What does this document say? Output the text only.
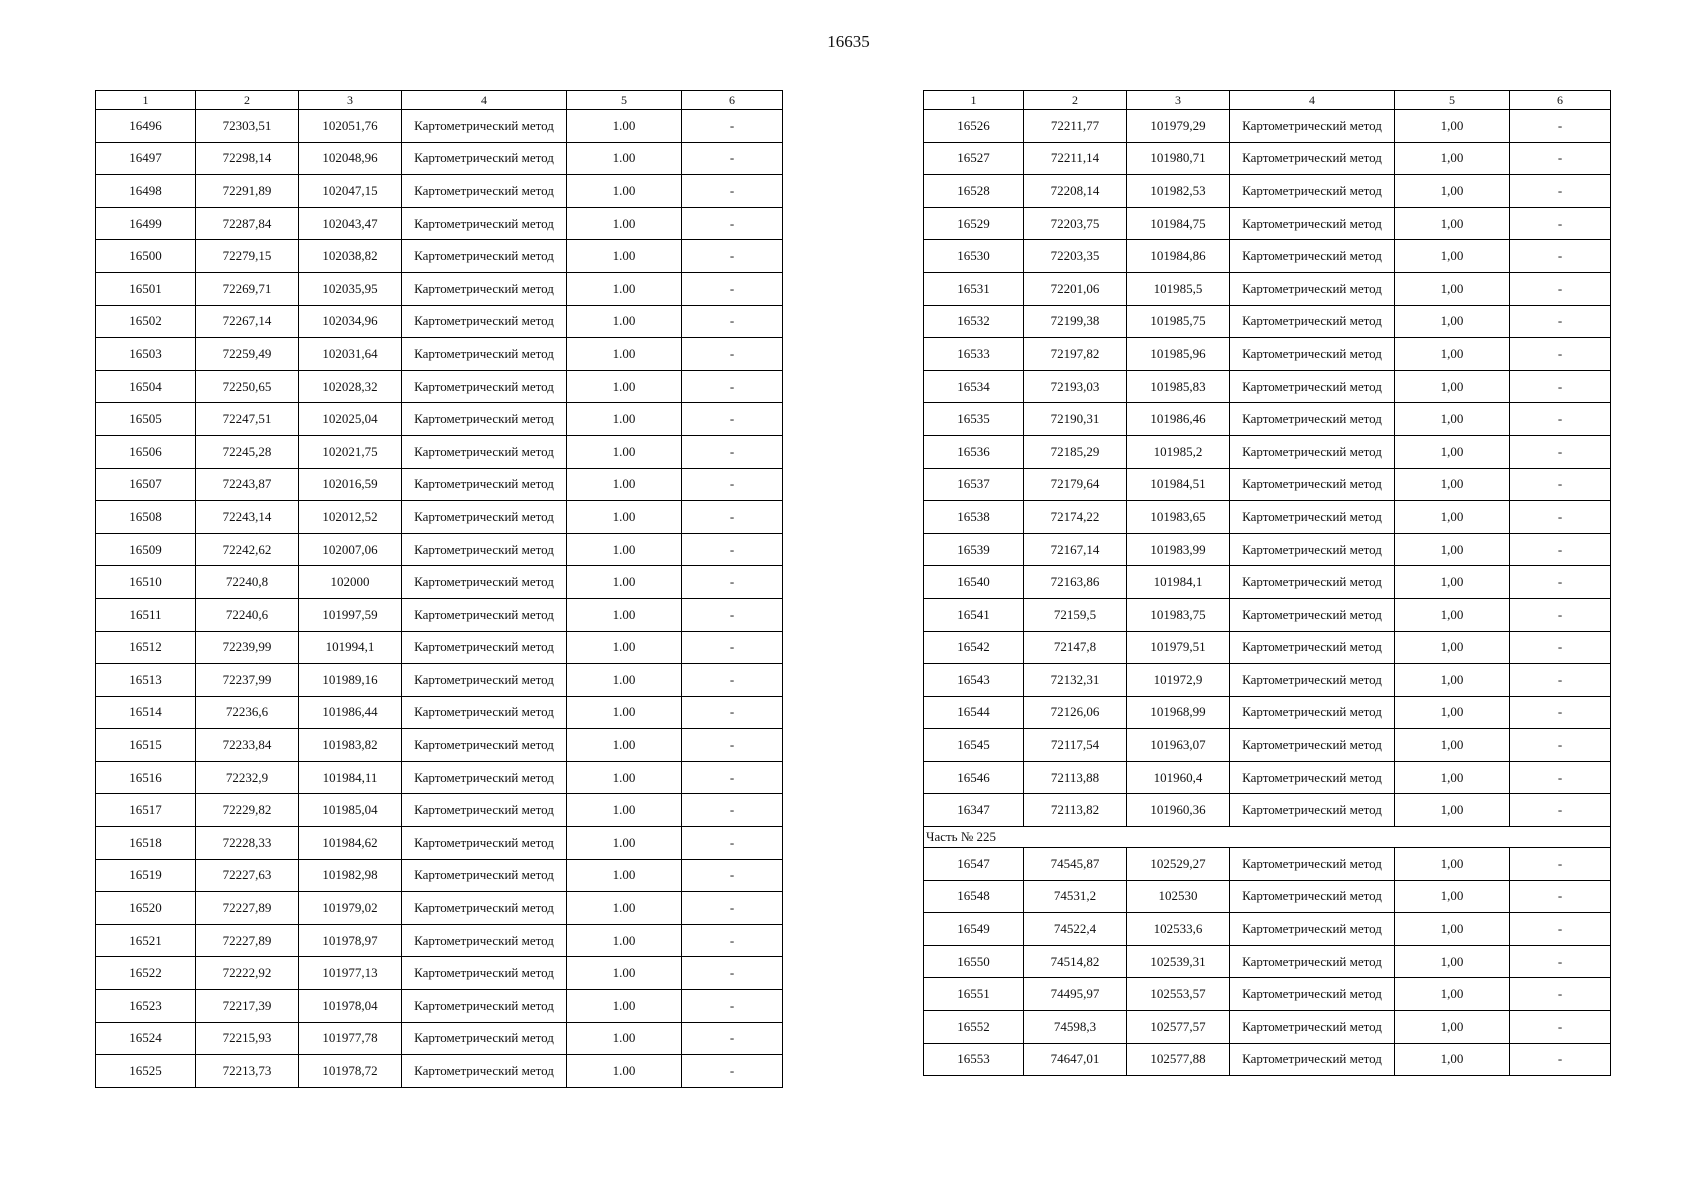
16635
1	2	3	4	5	6
16496	72303,51	102051,76	Картометрический метод	1.00	-
16497	72298,14	102048,96	Картометрический метод	1.00	-
16498	72291,89	102047,15	Картометрический метод	1.00	-
16499	72287,84	102043,47	Картометрический метод	1.00	-
16500	72279,15	102038,82	Картометрический метод	1.00	-
16501	72269,71	102035,95	Картометрический метод	1.00	-
16502	72267,14	102034,96	Картометрический метод	1.00	-
16503	72259,49	102031,64	Картометрический метод	1.00	-
16504	72250,65	102028,32	Картометрический метод	1.00	-
16505	72247,51	102025,04	Картометрический метод	1.00	-
16506	72245,28	102021,75	Картометрический метод	1.00	-
16507	72243,87	102016,59	Картометрический метод	1.00	-
16508	72243,14	102012,52	Картометрический метод	1.00	-
16509	72242,62	102007,06	Картометрический метод	1.00	-
16510	72240,8	102000	Картометрический метод	1.00	-
16511	72240,6	101997,59	Картометрический метод	1.00	-
16512	72239,99	101994,1	Картометрический метод	1.00	-
16513	72237,99	101989,16	Картометрический метод	1.00	-
16514	72236,6	101986,44	Картометрический метод	1.00	-
16515	72233,84	101983,82	Картометрический метод	1.00	-
16516	72232,9	101984,11	Картометрический метод	1.00	-
16517	72229,82	101985,04	Картометрический метод	1.00	-
16518	72228,33	101984,62	Картометрический метод	1.00	-
16519	72227,63	101982,98	Картометрический метод	1.00	-
16520	72227,89	101979,02	Картометрический метод	1.00	-
16521	72227,89	101978,97	Картометрический метод	1.00	-
16522	72222,92	101977,13	Картометрический метод	1.00	-
16523	72217,39	101978,04	Картометрический метод	1.00	-
16524	72215,93	101977,78	Картометрический метод	1.00	-
16525	72213,73	101978,72	Картометрический метод	1.00	-
1	2	3	4	5	6
16526	72211,77	101979,29	Картометрический метод	1,00	-
16527	72211,14	101980,71	Картометрический метод	1,00	-
16528	72208,14	101982,53	Картометрический метод	1,00	-
16529	72203,75	101984,75	Картометрический метод	1,00	-
16530	72203,35	101984,86	Картометрический метод	1,00	-
16531	72201,06	101985,5	Картометрический метод	1,00	-
16532	72199,38	101985,75	Картометрический метод	1,00	-
16533	72197,82	101985,96	Картометрический метод	1,00	-
16534	72193,03	101985,83	Картометрический метод	1,00	-
16535	72190,31	101986,46	Картометрический метод	1,00	-
16536	72185,29	101985,2	Картометрический метод	1,00	-
16537	72179,64	101984,51	Картометрический метод	1,00	-
16538	72174,22	101983,65	Картометрический метод	1,00	-
16539	72167,14	101983,99	Картометрический метод	1,00	-
16540	72163,86	101984,1	Картометрический метод	1,00	-
16541	72159,5	101983,75	Картометрический метод	1,00	-
16542	72147,8	101979,51	Картометрический метод	1,00	-
16543	72132,31	101972,9	Картометрический метод	1,00	-
16544	72126,06	101968,99	Картометрический метод	1,00	-
16545	72117,54	101963,07	Картометрический метод	1,00	-
16546	72113,88	101960,4	Картометрический метод	1,00	-
16347	72113,82	101960,36	Картометрический метод	1,00	-
Часть № 225					
16547	74545,87	102529,27	Картометрический метод	1,00	-
16548	74531,2	102530	Картометрический метод	1,00	-
16549	74522,4	102533,6	Картометрический метод	1,00	-
16550	74514,82	102539,31	Картометрический метод	1,00	-
16551	74495,97	102553,57	Картометрический метод	1,00	-
16552	74598,3	102577,57	Картометрический метод	1,00	-
16553	74647,01	102577,88	Картометрический метод	1,00	-
